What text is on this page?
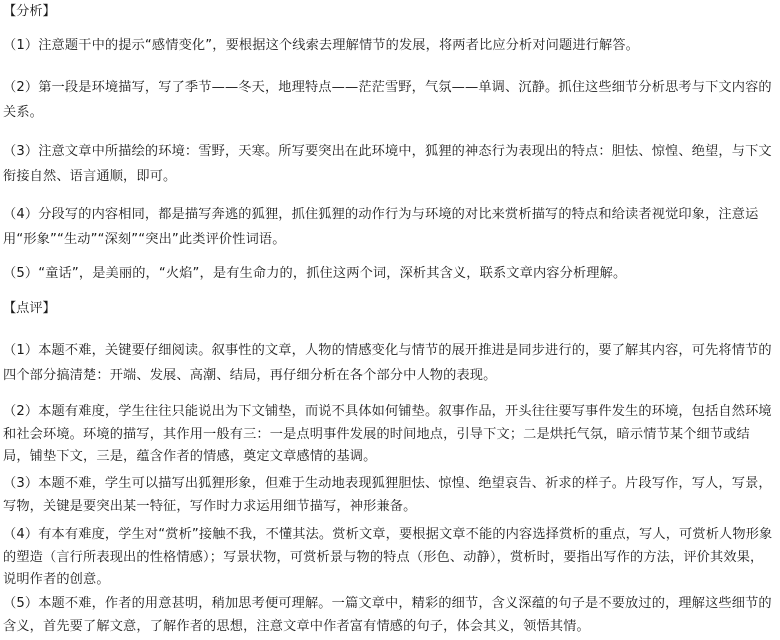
【分析】
（1）注意题干中的提示“感情变化”，要根据这个线索去理解情节的发展，将两者比应分析对问题进行解答。
（2）第一段是环境描写，写了季节——冬天，地理特点——茫茫雪野，气氛——单调、沉静。抓住这些细节分析思考与下文内容的关系。
（3）注意文章中所描绘的环境：雪野，天寒。所写要突出在此环境中，狐狸的神态行为表现出的特点：胆怯、惊惶、绝望，与下文衔接自然、语言通顺，即可。
（4）分段写的内容相同，都是描写奔逃的狐狸，抓住狐狸的动作行为与环境的对比来赏析描写的特点和给读者视觉印象，注意运用“形象”“生动”“深刻”“突出”此类评价性词语。
（5）“童话”，是美丽的，“火焰”，是有生命力的，抓住这两个词，深析其含义，联系文章内容分析理解。
【点评】
（1）本题不难，关键要仔细阅读。叙事性的文章，人物的情感变化与情节的展开推进是同步进行的，要了解其内容，可先将情节的四个部分搞清楚：开端、发展、高潮、结局，再仔细分析在各个部分中人物的表现。
（2）本题有难度，学生往往只能说出为下文铺垫，而说不具体如何铺垫。叙事作品，开头往往要写事件发生的环境，包括自然环境和社会环境。环境的描写，其作用一般有三：一是点明事件发展的时间地点，引导下文；二是烘托气氛，暗示情节某个细节或结局，铺垫下文，三是，蕴含作者的情感，奠定文章感情的基调。
（3）本题不难，学生可以描写出狐狸形象，但难于生动地表现狐狸胆怯、惊惶、绝望哀告、祈求的样子。片段写作，写人，写景，写物，关键是要突出某一特征，写作时力求运用细节描写，神形兼备。
（4）有本有难度，学生对“赏析”接触不我，不懂其法。赏析文章，要根据文章不能的内容选择赏析的重点，写人，可赏析人物形象的塑造（言行所表现出的性格情感）；写景状物，可赏析景与物的特点（形色、动静），赏析时，要指出写作的方法，评价其效果，说明作者的创意。
（5）本题不难，作者的用意甚明，稍加思考便可理解。一篇文章中，精彩的细节，含义深蕴的句子是不要放过的，理解这些细节的含义，首先要了解文意，了解作者的思想，注意文章中作者富有情感的句子，体会其义，领悟其情。
